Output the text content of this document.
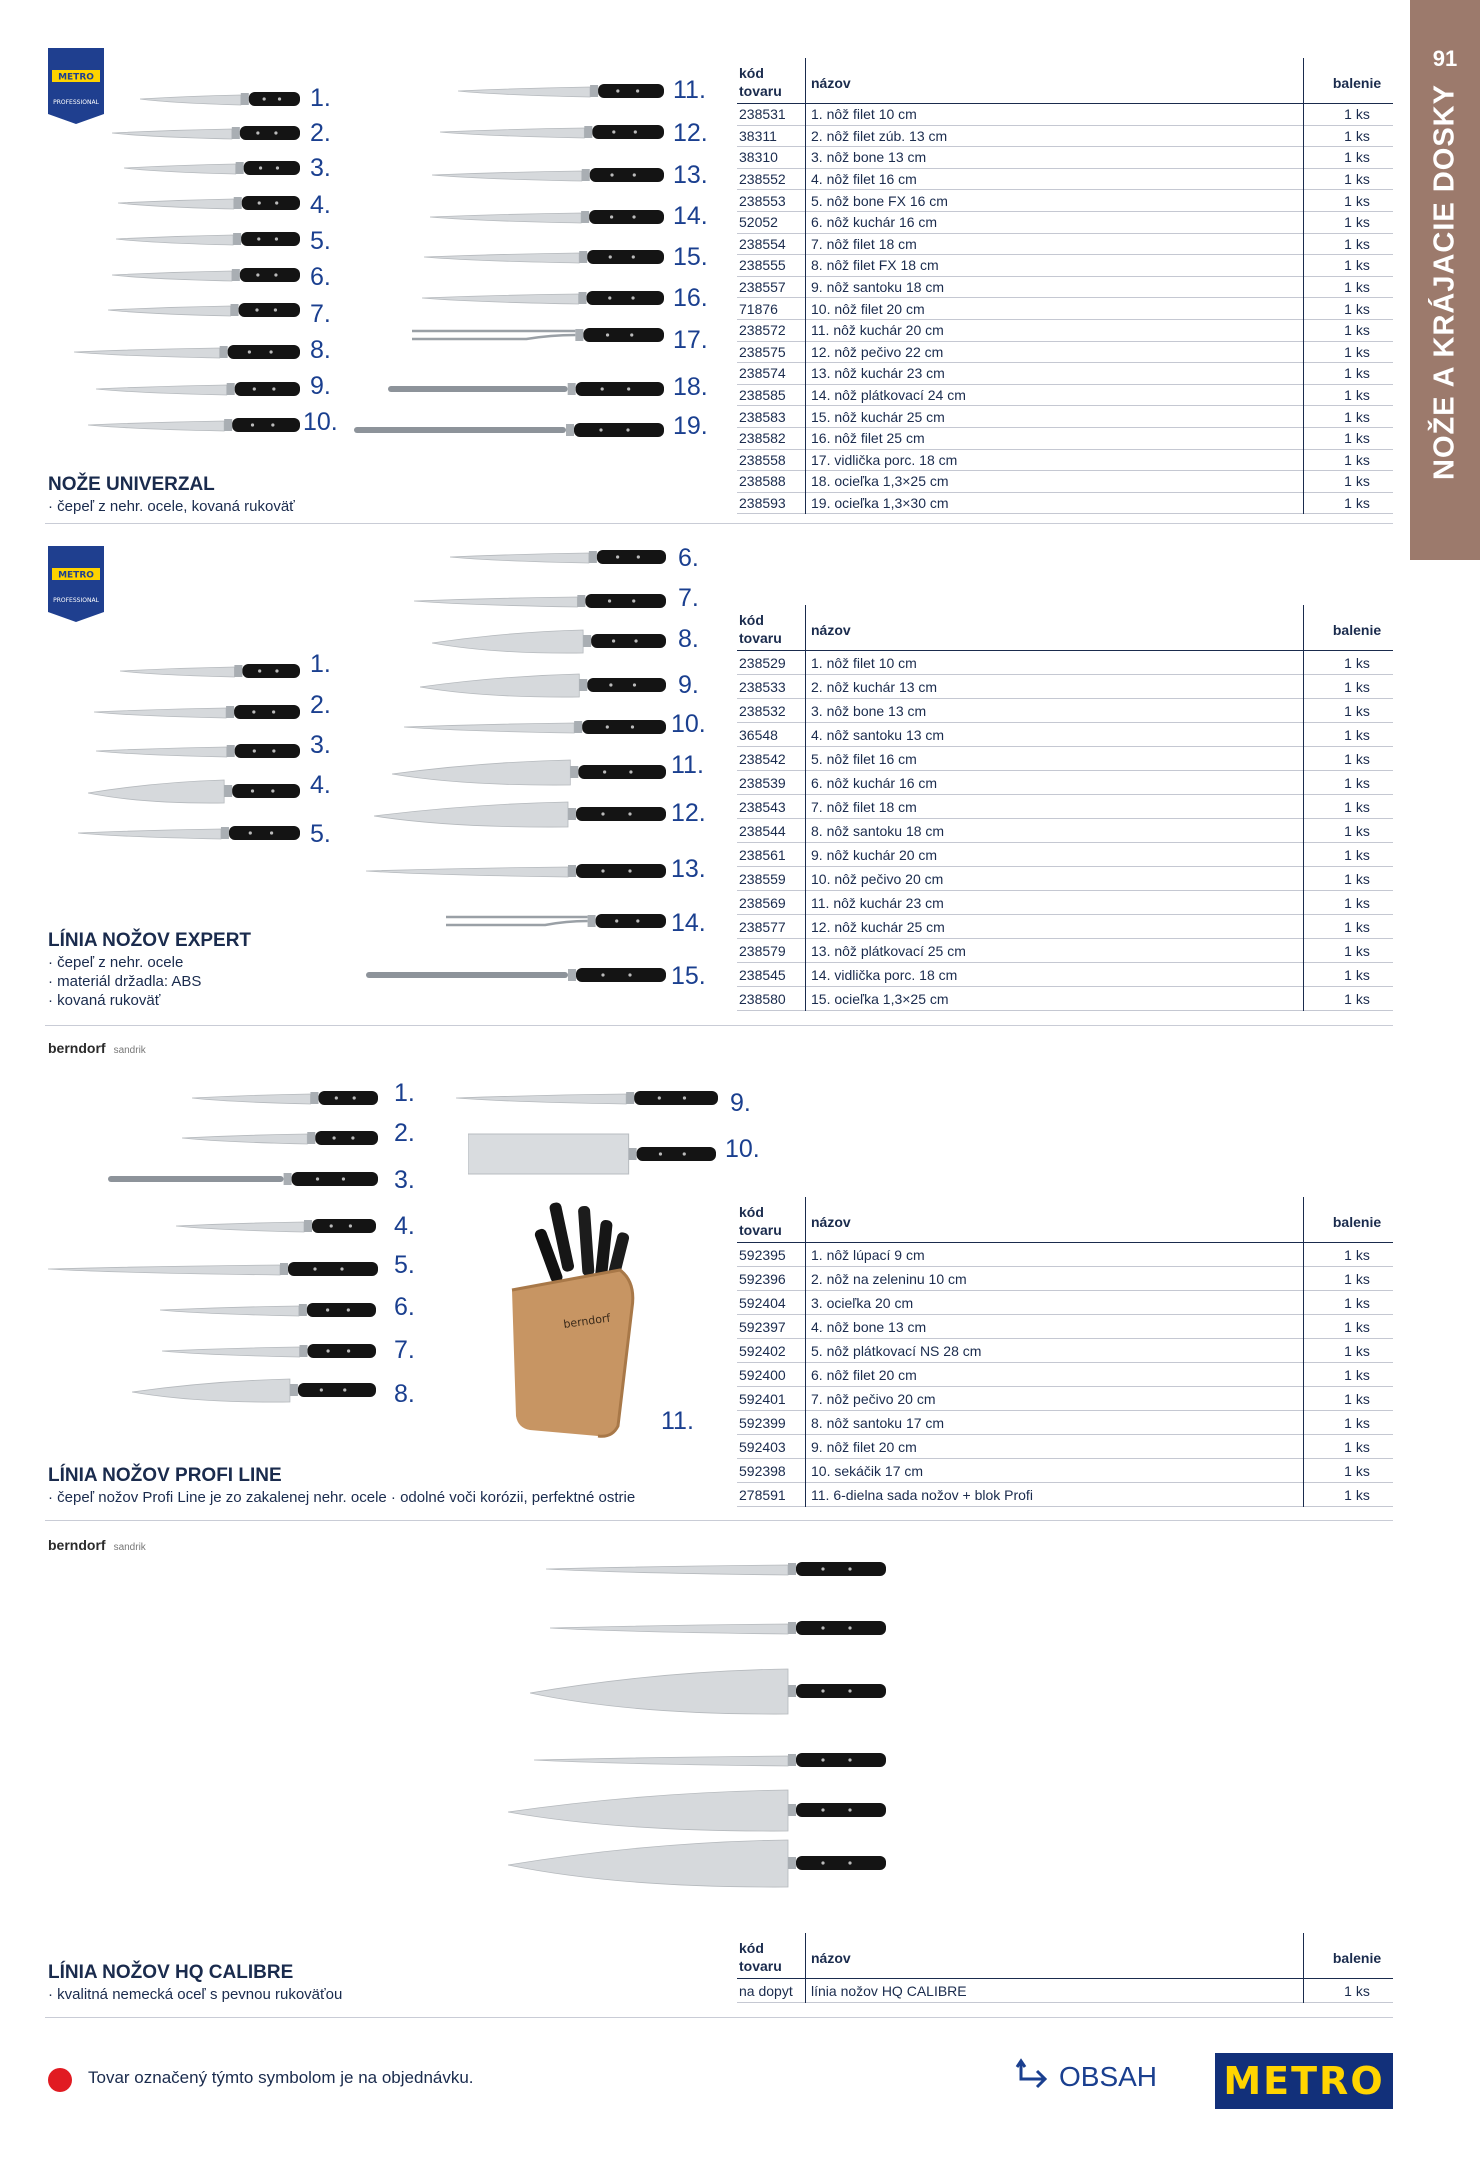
91
NOŽE A KRÁJACIE DOSKY
METRO
PROFESSIONAL	1.
2.
3.
4.
5.
6.
7.
8.
9.
10.
11.
12.
13.
14.
15.
16.
17.
18.
19.
NOŽE UNIVERZAL
· čepeľ z nehr. ocele, kovaná rukoväť
kód tovaru	názov	balenie
238531 1. nôž filet 10 cm	1 ks
38311 2. nôž filet zúb. 13 cm	1 ks
38310 3. nôž bone 13 cm	1 ks
238552 4. nôž filet 16 cm	1 ks
238553 5. nôž bone FX 16 cm	1 ks
52052 6. nôž kuchár 16 cm	1 ks
238554 7. nôž filet 18 cm	1 ks
238555 8. nôž filet FX 18 cm	1 ks
238557 9. nôž santoku 18 cm	1 ks
71876 10. nôž filet 20 cm	1 ks
238572 11. nôž kuchár 20 cm	1 ks
238575 12. nôž pečivo 22 cm	1 ks
238574 13. nôž kuchár 23 cm	1 ks
238585 14. nôž plátkovací 24 cm	1 ks
238583 15. nôž kuchár 25 cm	1 ks
238582 16. nôž filet 25 cm	1 ks
238558 17. vidlička porc. 18 cm	1 ks
238588 18. ocieľka 1,3×25 cm	1 ks
238593 19. ocieľka 1,3×30 cm	1 ks
METRO
PROFESSIONAL
1.
2.
3.
4.
5.
6.
7.
8.
9.
10.
11.
12.
13.
14.
15.
LÍNIA NOŽOV EXPERT
· čepeľ z nehr. ocele
· materiál držadla: ABS
· kovaná rukoväť
kód tovaru	názov	balenie
238529 1. nôž filet 10 cm	1 ks
238533 2. nôž kuchár 13 cm	1 ks
238532 3. nôž bone 13 cm	1 ks
36548 4. nôž santoku 13 cm	1 ks
238542 5. nôž filet 16 cm	1 ks
238539 6. nôž kuchár 16 cm	1 ks
238543 7. nôž filet 18 cm	1 ks
238544 8. nôž santoku 18 cm	1 ks
238561 9. nôž kuchár 20 cm	1 ks
238559 10. nôž pečivo 20 cm	1 ks
238569 11. nôž kuchár 23 cm	1 ks
238577 12. nôž kuchár 25 cm	1 ks
238579 13. nôž plátkovací 25 cm	1 ks
238545 14. vidlička porc. 18 cm	1 ks
238580 15. ocieľka 1,3×25 cm	1 ks
berndorf sandrik
berndorf
1.
2.
3.
4.
5.
6.
7.
8.
9.
10.
11.
LÍNIA NOŽOV PROFI LINE
· čepeľ nožov Profi Line je zo zakalenej nehr. ocele · odolné voči korózii, perfektné ostrie
kód tovaru	názov	balenie
592395 1. nôž lúpací 9 cm	1 ks
592396 2. nôž na zeleninu 10 cm	1 ks
592404 3. ocieľka 20 cm	1 ks
592397 4. nôž bone 13 cm	1 ks
592402 5. nôž plátkovací NS 28 cm	1 ks
592400 6. nôž filet 20 cm	1 ks
592401 7. nôž pečivo 20 cm	1 ks
592399 8. nôž santoku 17 cm	1 ks
592403 9. nôž filet 20 cm	1 ks
592398 10. sekáčik 17 cm	1 ks
278591 11. 6-dielna sada nožov + blok Profi	1 ks
berndorf sandrik
LÍNIA NOŽOV HQ CALIBRE
· kvalitná nemecká oceľ s pevnou rukoväťou
kód tovaru	názov	balenie
na dopyt línia nožov HQ CALIBRE	1 ks
Tovar označený týmto symbolom je na objednávku.	OBSAH METRO
